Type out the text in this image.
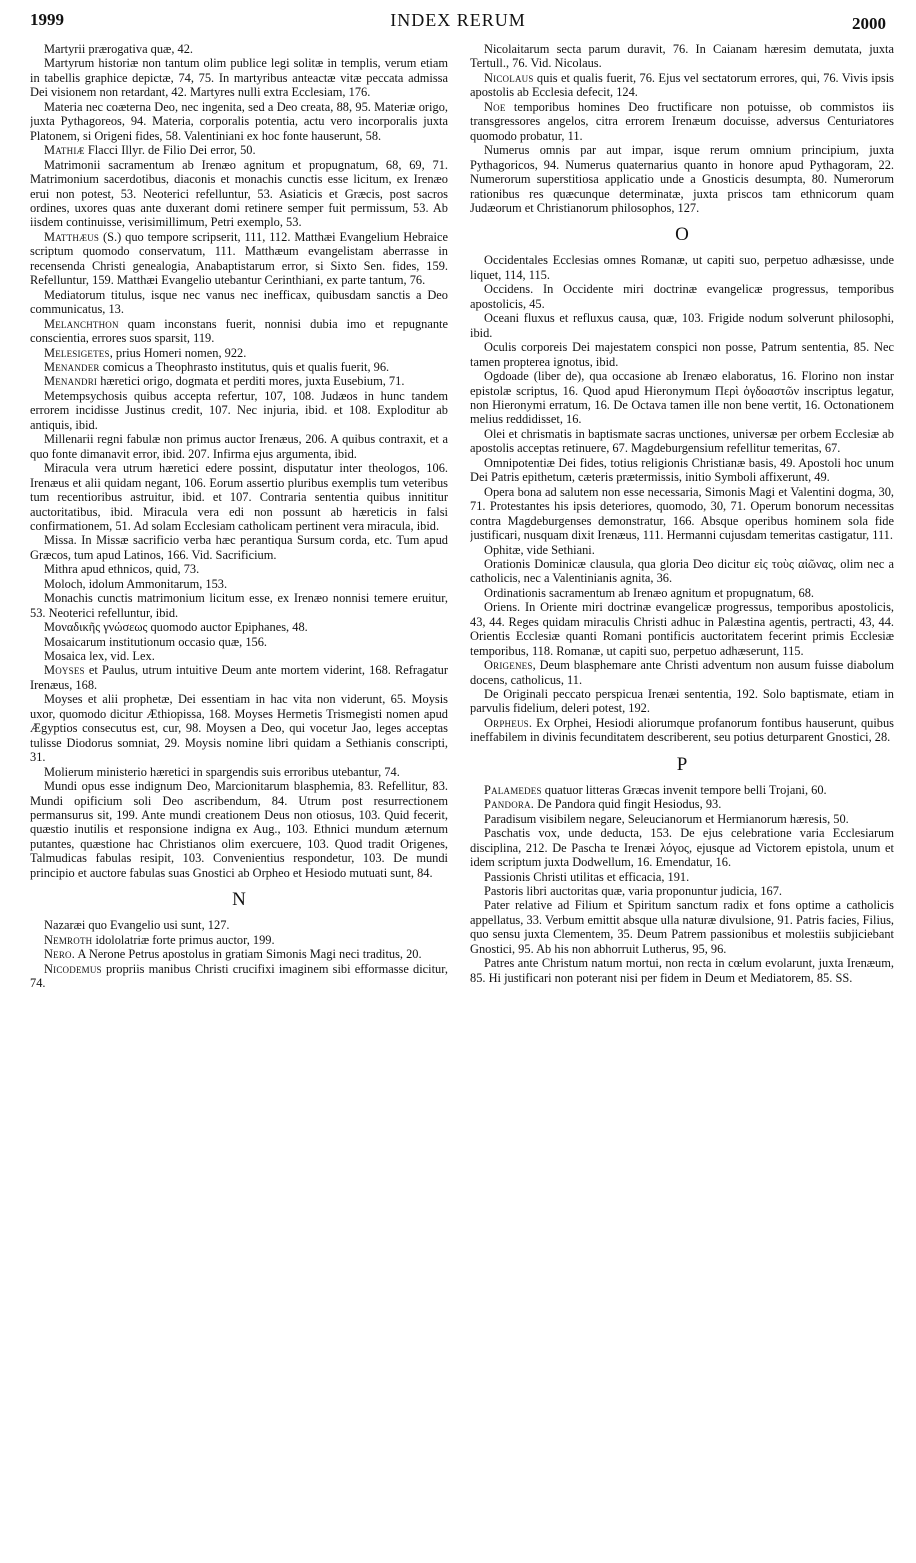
1999	INDEX RERUM	2000

Martyrii prærogativa quæ, 42.

Martyrum historiæ non tantum olim publice legi solitæ in templis, verum etiam in tabellis graphice depictæ, 74, 75. In martyribus anteactæ vitæ peccata admissa Dei visionem non retardant, 42. Martyres nulli extra Ecclesiam, 176.

Materia nec coæterna Deo, nec ingenita, sed a Deo creata, 88, 95. Materiæ origo, juxta Pythagoreos, 94. Materia, corporalis potentia, actu vero incorporalis juxta Platonem, si Origeni fides, 58. Valentiniani ex hoc fonte hauserunt, 58.

Mathiæ Flacci Illyr. de Filio Dei error, 50.

Matrimonii sacramentum ab Irenæo agnitum et propugnatum, 68, 69, 71. Matrimonium sacerdotibus, diaconis et monachis cunctis esse licitum, ex Irenæo erui non potest, 53. Neoterici refelluntur, 53. Asiaticis et Græcis, post sacros ordines, uxores quas ante duxerant domi retinere semper fuit permissum, 53. Ab iisdem continuisse, verisimillimum, Petri exemplo, 53.

Matthæus (S.) quo tempore scripserit, 111, 112. Matthæi Evangelium Hebraice scriptum quomodo conservatum, 111. Matthæum evangelistam aberrasse in recensenda Christi genealogia, Anabaptistarum error, si Sixto Sen. fides, 159. Refelluntur, 159. Matthæi Evangelio utebantur Cerinthiani, ex parte tantum, 76.

Mediatorum titulus, isque nec vanus nec inefficax, quibusdam sanctis a Deo communicatus, 13.

Melanchthon quam inconstans fuerit, nonnisi dubia imo et repugnante conscientia, errores suos sparsit, 119.

Melesigetes, prius Homeri nomen, 922.

Menander comicus a Theophrasto institutus, quis et qualis fuerit, 96.

Menandri hæretici origo, dogmata et perditi mores, juxta Eusebium, 71.

Metempsychosis quibus accepta refertur, 107, 108. Judæos in hunc tandem errorem incidisse Justinus credit, 107. Nec injuria, ibid. et 108. Exploditur ab antiquis, ibid.

Millenarii regni fabulæ non primus auctor Irenæus, 206. A quibus contraxit, et a quo fonte dimanavit error, ibid. 207. Infirma ejus argumenta, ibid.

Miracula vera utrum hæretici edere possint, disputatur inter theologos, 106. Irenæus et alii quidam negant, 106. Eorum assertio pluribus exemplis tum veteribus tum recentioribus astruitur, ibid. et 107. Contraria sententia quibus innititur auctoritatibus, ibid. Miracula vera edi non possunt ab hæreticis in falsi confirmationem, 51. Ad solam Ecclesiam catholicam pertinent vera miracula, ibid.

Missa. In Missæ sacrificio verba hæc perantiqua Sursum corda, etc. Tum apud Græcos, tum apud Latinos, 166. Vid. Sacrificium.

Mithra apud ethnicos, quid, 73.

Moloch, idolum Ammonitarum, 153.

Monachis cunctis matrimonium licitum esse, ex Irenæo nonnisi temere eruitur, 53. Neoterici refelluntur, ibid.

Μοναδικῆς γνώσεως quomodo auctor Epiphanes, 48.

Mosaicarum institutionum occasio quæ, 156.

Mosaica lex, vid. Lex.

Moyses et Paulus, utrum intuitive Deum ante mortem viderint, 168. Refragatur Irenæus, 168.

Moyses et alii prophetæ, Dei essentiam in hac vita non viderunt, 65. Moysis uxor, quomodo dicitur Æthiopissa, 168. Moyses Hermetis Trismegisti nomen apud Ægyptios consecutus est, cur, 98. Moysen a Deo, qui vocetur Jao, leges acceptas tulisse Diodorus somniat, 29. Moysis nomine libri quidam a Sethianis conscripti, 31.

Molierum ministerio hæretici in spargendis suis erroribus utebantur, 74.

Mundi opus esse indignum Deo, Marcionitarum blasphemia, 83. Refellitur, 83. Mundi opificium soli Deo ascribendum, 84. Utrum post resurrectionem permansurus sit, 199. Ante mundi creationem Deus non otiosus, 103. Quid fecerit, quæstio inutilis et responsione indigna ex Aug., 103. Ethnici mundum æternum putantes, quæstione hac Christianos olim exercuere, 103. Quod tradit Origenes, Talmudicas fabulas resipit, 103. Convenientius respondetur, 103. De mundi principio et auctore fabulas suas Gnostici ab Orpheo et Hesiodo mutuati sunt, 84.

N

Nazaræi quo Evangelio usi sunt, 127.

Nemroth idololatriæ forte primus auctor, 199.

Nero. A Nerone Petrus apostolus in gratiam Simonis Magi neci traditus, 20.

Nicodemus propriis manibus Christi crucifixi imaginem sibi efformasse dicitur, 74.

Nicolaitarum secta parum duravit, 76. In Caianam hæresim demutata, juxta Tertull., 76. Vid. Nicolaus.

Nicolaus quis et qualis fuerit, 76. Ejus vel sectatorum errores, qui, 76. Vivis ipsis apostolis ab Ecclesia defecit, 124.

Noe temporibus homines Deo fructificare non potuisse, ob commistos iis transgressores angelos, citra errorem Irenæum docuisse, adversus Centuriatores quomodo probatur, 11.

Numerus omnis par aut impar, isque rerum omnium principium, juxta Pythagoricos, 94. Numerus quaternarius quanto in honore apud Pythagoram, 22. Numerorum superstitiosa applicatio unde a Gnosticis desumpta, 80. Numerorum rationibus res quæcunque determinatæ, juxta priscos tam ethnicorum quam Judæorum et Christianorum philosophos, 127.

O

Occidentales Ecclesias omnes Romanæ, ut capiti suo, perpetuo adhæsisse, unde liquet, 114, 115.

Occidens. In Occidente miri doctrinæ evangelicæ progressus, temporibus apostolicis, 45.

Oceani fluxus et refluxus causa, quæ, 103. Frigide nodum solverunt philosophi, ibid.

Oculis corporeis Dei majestatem conspici non posse, Patrum sententia, 85. Nec tamen propterea ignotus, ibid.

Ogdoade (liber de), qua occasione ab Irenæo elaboratus, 16. Florino non instar epistolæ scriptus, 16. Quod apud Hieronymum Περὶ ὀγδοαστῶν inscriptus legatur, non Hieronymi erratum, 16. De Octava tamen ille non bene vertit, 16. Octonationem melius reddidisset, 16.

Olei et chrismatis in baptismate sacras unctiones, universæ per orbem Ecclesiæ ab apostolis acceptas retinuere, 67. Magdeburgensium refellitur temeritas, 67.

Omnipotentiæ Dei fides, totius religionis Christianæ basis, 49. Apostoli hoc unum Dei Patris epithetum, cæteris prætermissis, initio Symboli affixerunt, 49.

Opera bona ad salutem non esse necessaria, Simonis Magi et Valentini dogma, 30, 71. Protestantes his ipsis deteriores, quomodo, 30, 71. Operum bonorum necessitas contra Magdeburgenses demonstratur, 166. Absque operibus hominem sola fide justificari, nusquam dixit Irenæus, 111. Hermanni cujusdam temeritas castigatur, 111.

Ophitæ, vide Sethiani.

Orationis Dominicæ clausula, qua gloria Deo dicitur εἰς τοὺς αἰῶνας, olim nec a catholicis, nec a Valentinianis agnita, 36.

Ordinationis sacramentum ab Irenæo agnitum et propugnatum, 68.

Oriens. In Oriente miri doctrinæ evangelicæ progressus, temporibus apostolicis, 43, 44. Reges quidam miraculis Christi adhuc in Palæstina agentis, pertracti, 43, 44. Orientis Ecclesiæ quanti Romani pontificis auctoritatem fecerint primis Ecclesiæ temporibus, 118. Romanæ, ut capiti suo, perpetuo adhæserunt, 115.

Origenes, Deum blasphemare ante Christi adventum non ausum fuisse diabolum docens, catholicus, 11.

De Originali peccato perspicua Irenæi sententia, 192. Solo baptismate, etiam in parvulis fidelium, deleri potest, 192.

Orpheus. Ex Orphei, Hesiodi aliorumque profanorum fontibus hauserunt, quibus ineffabilem in divinis fecunditatem describerent, seu potius deturparent Gnostici, 28.

P

Palamedes quatuor litteras Græcas invenit tempore belli Trojani, 60.

Pandora. De Pandora quid fingit Hesiodus, 93.

Paradisum visibilem negare, Seleucianorum et Hermianorum hæresis, 50.

Paschatis vox, unde deducta, 153. De ejus celebratione varia Ecclesiarum disciplina, 212. De Pascha te Irenæi λόγος, ejusque ad Victorem epistola, unum et idem scriptum juxta Dodwellum, 16. Emendatur, 16.

Passionis Christi utilitas et efficacia, 191.

Pastoris libri auctoritas quæ, varia proponuntur judicia, 167.

Pater relative ad Filium et Spiritum sanctum radix et fons optime a catholicis appellatus, 33. Verbum emittit absque ulla naturæ divulsione, 91. Patris facies, Filius, quo sensu juxta Clementem, 35. Deum Patrem passionibus et molestiis subjiciebant Gnostici, 95. Ab his non abhorruit Lutherus, 95, 96.

Patres ante Christum natum mortui, non recta in cœlum evolarunt, juxta Irenæum, 85. Hi justificari non poterant nisi per fidem in Deum et Mediatorem, 85. SS.
